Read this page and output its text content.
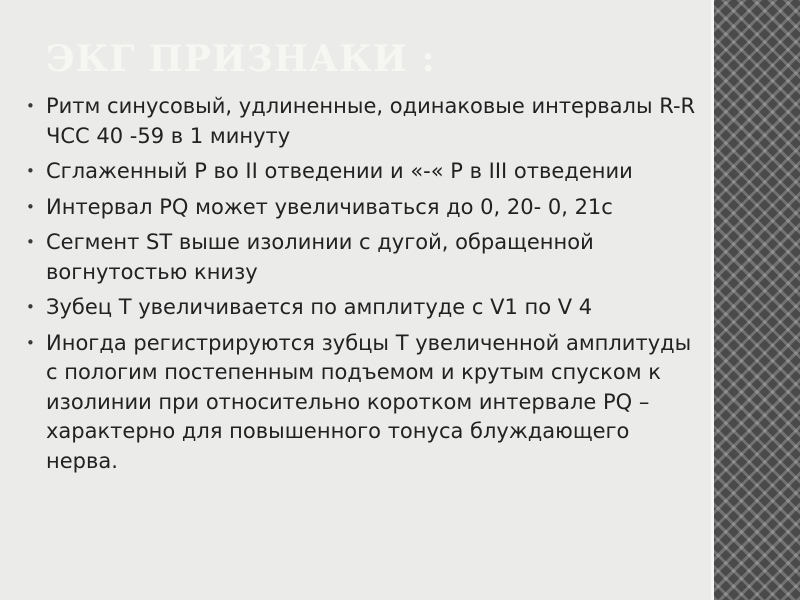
ЭКГ ПРИЗНАКИ :
• Ритм синусовый, удлиненные, одинаковые интервалы R-R ЧСС 40 -59 в 1 минуту
• Сглаженный P во II отведении и «-« P в III отведении
• Интервал PQ может увеличиваться до 0, 20- 0, 21с
• Сегмент ST выше изолинии с дугой, обращенной вогнутостью книзу
• Зубец T увеличивается по амплитуде с V1 по V 4
• Иногда регистрируются зубцы T увеличенной амплитуды с пологим постепенным подъемом и крутым спуском к изолинии при относительно коротком интервале PQ – характерно для повышенного тонуса блуждающего нерва.
